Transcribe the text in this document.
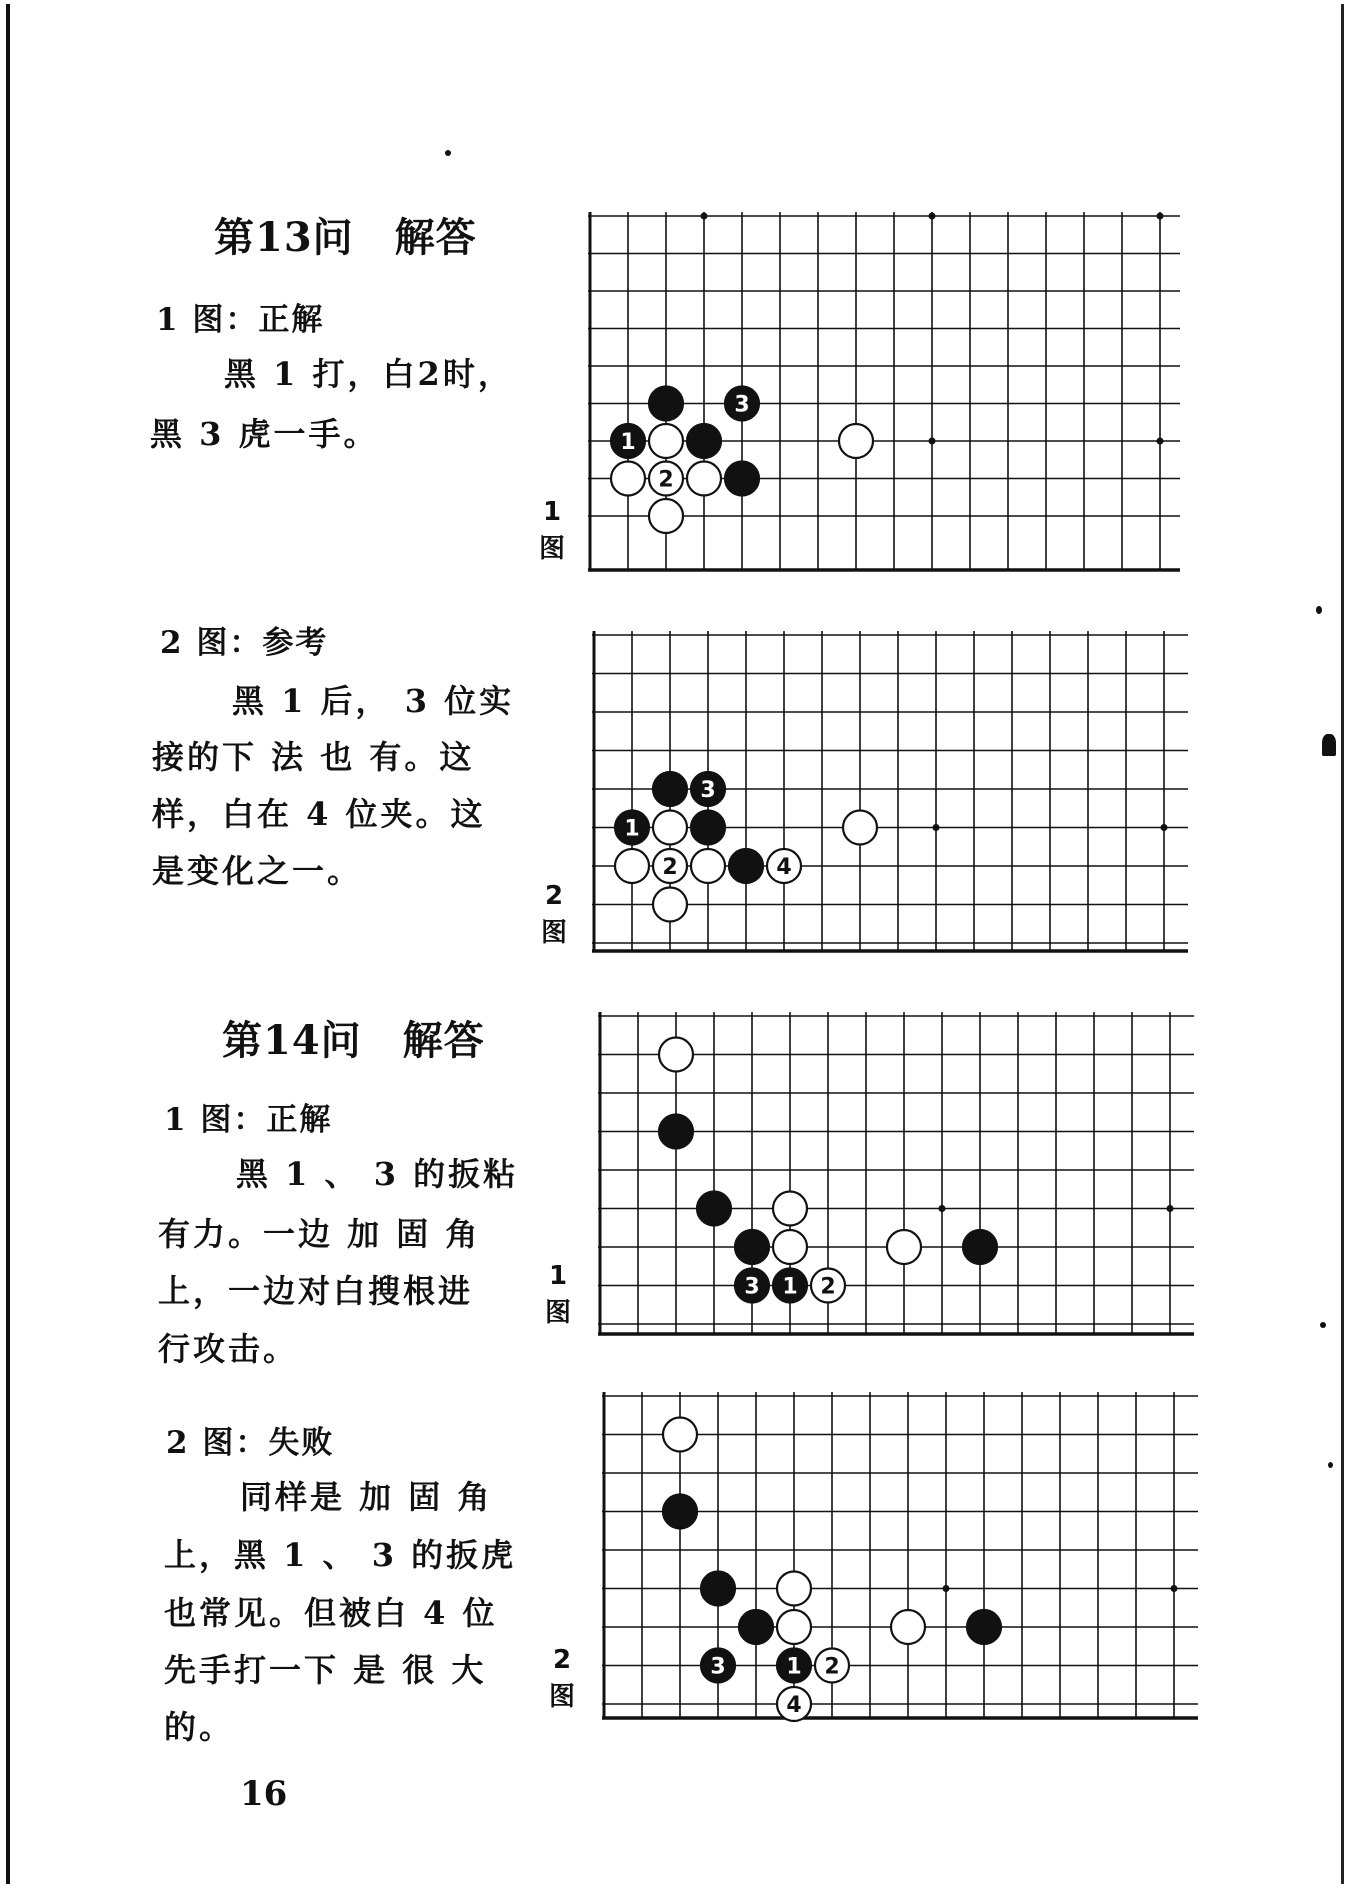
第13问　解答
1 图：正解
黑 1 打，白2时，
黑 3 虎一手。
2 图：参考
黑 1 后， 3 位实
接的下 法 也 有。这
样，白在 4 位夹。这
是变化之一。
第14问　解答
1 图：正解
黑 1 、 3 的扳粘
有力。一边 加 固 角
上，一边对白搜根进
行攻击。
2 图：失败
同样是 加 固 角
上，黑 1 、 3 的扳虎
也常见。但被白 4 位
先手打一下 是 很 大
的。
16
1
图
2
图
1
图
2
图
3
1
2
3
1
2	4
3 1 2
3	1 2
4
